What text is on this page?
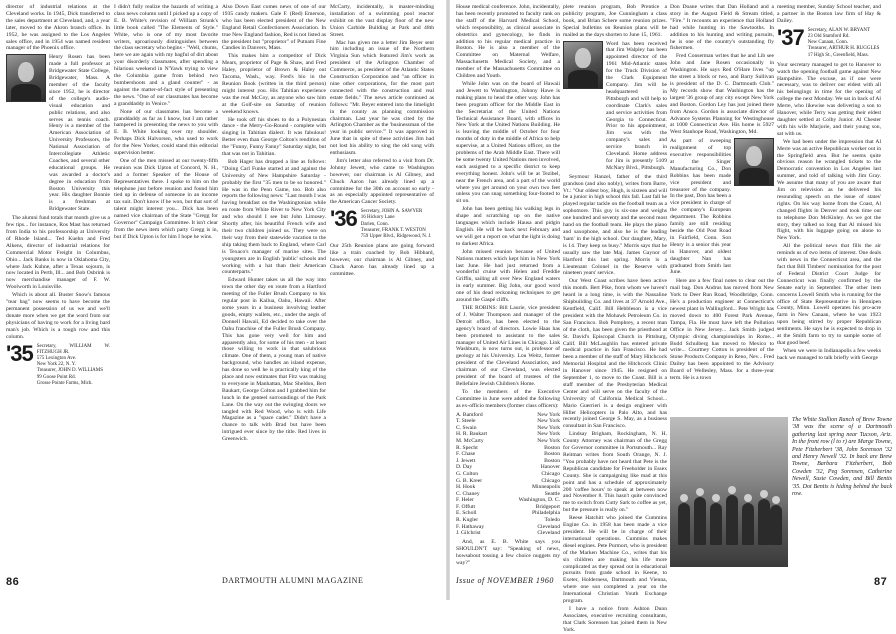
director of industrial relations at the Cleveland works. In 1945, Dick transferred to the sales department at Cleveland, and, a year later, moved to the Akron branch office. In 1952, he was assigned to the Los Angeles sales office, and in 1954 was named resident manager of the Phoenix office.

Henry Rosen has been made a full professor at Bridgewater State College, Bridgewater, Mass. A member of the faculty since 1952, he is director of the college's audio-visual education and public relations, and also serves as tennis coach. Henry is a member of the American Association of University Professors, the National Association of Intercollegiate Athletic Coaches, and several other educational groups. He was awarded a doctor's degree in education from Boston University this year. His daughter Bonnie is a freshman at Bridgewater State.

The alumni fund totals that month give us a few tips... for instance, Ros Mast has returned from India to his professorship at University of Rhode Island... Ted Kuehn and Fred Alkens, director of industrial relations for Commercial Motor Freight in Columbus, Ohio... Jack Banks is now in Oklahoma City, where Jack Kuhne, after a Texas sojourn, is now located in Perth, Ill... and Bob Osbrink is now merchandise manager of F. W. Woolworth in Louisville.

Which is about all. Buster Snow's famous "tear bag" now seems to have become the permanent possession of us we and we'll donate more when we get the word from our physicians of having to work for a living hard man's job. Which is a tough row and this column.

'35 Secretary, WILLIAM W. FITZHUGH JR.
575 Lexington Ave.
New York 22, N. Y.
Treasurer, JOHN D. WILLIAMS
99 Goose Point Rd.
Grosse Pointe Farms, Mich.

I didn't fully realize the hazards of writing a class news column until I picked up a copy of E. B. White's revision of William Strunk's little book called "The Elements of Style." White, who is one of my most favorite writers, uproariously distinguishes between the class secretary who begins - "Well, chums, here we are again with my bagful of dirt about your disorderly classmates, after spending a hilarious weekend in N'Yawk trying to view the Columbia game from behind two bumbershoots and a gland counter" - as against the matter-of-fact style of presenting the news. "One of our classmates has become a granddaddy in Venice."

None of our classmates has become a granddaddy as far as I know, but I am rather hampered in presenting the news to you with E. B. White looking over my shoulder. Perhaps Dick Halvorsen, who used to work for the New Yorker, could stand this editorial supervision better.

One of the men missed at our twenty-fifth reunion was Dick Upton of Concord, N. H., and a former Speaker of the House of Representatives there. I spoke to him on the telephone just before reunion and found him tied up in defense of someone in an income tax suit. Don't know if he won, but that sort of talent might interest you... Dick has been named vice chairman of the State "Gregg for Governor" Campaign Committee. It isn't clear from the news item which party Gregg is in, but if Dick Upton is for him I hope he wins.

Also Down East comes news of one of our 1935 candy makers. Gale F. (Red) Emerson, who has been elected president of the New England Retail Confectioners Association. In true New England fashion, Red is not listed as the president but "proprietor" of Putnam Fine Candies in Danvers, Mass.

This makes him a competitor of Dick Mears, proprietor of Page & Shaw, and Fred Haley, proprietor of Brown & Haley out Tacoma, Wash., way. Fred's bio in the Reunion Book (written in the third person) might interest you. His Tahitian experience was the real McCoy, as anyone who saw him at the Golf-site on Saturday of reunion weekend knows.

He took off his shoes to do a Polynesian dance - the Merry-Go-Round - complete with singing in Tahitian dialect. It was fabulous! Better even than George Colton's rendition of the "Funny, Funny Fanny" Saturday night, but that was not in Tahitian.

Bob Hager has dropped a line as follows: "Doing Carl Funke started at and against the University of New Hampshire Saturday - probably the first "35 men to be so honored." He was in the Penn Game, too. Bob also reports the following news: "Last month I was having breakfast on the Washingtonian while en route from White River to New York City and who should I see but John Limosey. Shortly after, his beautiful French wife and their two children joined us. They were on their way from their statewide vacation to the ship taking them back to England, where Carl is Texaco's manager of marine sites. The youngsters are in English 'public' schools and working with a hat than their American counterparts."

Edward Hunter takes us all the way into town the other day en route from a Hartford meeting of the Fuller Brush Company to his regular post in Kailua, Oahu, Hawaii. After some years in a business involving leather goods, empty wallets, etc., under the aegis of Donnell Hawaii, Ed decided to take over the Oahu franchise of the Fuller Brush Company. This has gone very well for him and apparently also, for some of his men - at least those willing to work in that salubrious climate. One of them, a young man of native background, who handles an island expense, has done so well he is practically king of the place and now estimates that Fitz was making to everyone in Manhattan, Mac Sheldon, Bert Baukart, George Colton and I grabbed him for lunch in the genteel surroundings of the Park Lane. On the way out the swinging doors we tangled with Red Wood, who is with Life Magazine as a "space cadet." Didn't have a chance to talk with Brad but have been intrigued ever since by the title. Red lives in Greenwich.

McCarty, incidentally, is master-minding installation of a swimming pool reactor exhibit on the vast display floor of the new Union Carbide Building at Park and 48th Street.

Mac has given me a letter Jim Beyer sent him including an issue of the Northern Virginia Sun which featured Jim's work as president of the Arlington Chamber of Commerce, as president of the Atlantic States Construction Corporation and "an officer in nine other corporations, for the most part connected with the construction and real estate fields." The news article continued as follows: "Mr. Beyer entered into the limelight in the county as planning commission chairman. Last year he was cited by the Arlington Chamber as the 'businessman of the year in public service.'" It was approved in June that in spite of these activities Jim had not lost his ability to sing the old song with enthusiasm.

Jim's letter also referred to a visit from Dr. Johnny Jewett, who came to Washington however, our chairman is Al Gibney, and Chuck Aaron has already lined up a committee for the 30th on account so early - as an especially appointed representative of the American Cancer Society.

'36 Secretary, JOHN A. SAWYER
16 Hickory Lane
Darien, Conn.
Treasurer, FRANK T. WESTON
759 Upper Blvd., Ridgewood, N. J.

Our 25th Reunion plans are going forward like a train coached by Bob Hibbard, however, our chairman is Al Gibney, and Chuck Aaron has already lined up a committee.

86	DARTMOUTH ALUMNI MAGAZINE

House medical conference. John, incidentally, has been recently promoted to faculty rank on the staff of the Harvard Medical School, which responsibility, as clinical associate in obstetrics and gynecology, he finds in addition to his regular medical practice in Boston. He is also a member of the Committee on Maternal Welfare, Massachusetts Medical Society, and a member of the Massachusetts Committee on Children and Youth.

While John was on the board of Hawaii and Jewett to Washington, Johnny Hawe is making plans to head the other way. John has been program officer for the Middle East in the Secretariat of the United Nations Technical Assistance Board, with offices in New York at the United Nations Building. He is leaving the middle of October for four months of duty in the middle of Africa to help supervise, at a United Nations officer, on the problems of the Arab Middle East. There will be some twenty United Nations men involved, each assigned to a specific district to keep everything honest. John's will be at Tezibel, near the French area, and a part of the world where you get around on your own two feet unless you can snag something four-footed to sit on.

John has been getting his walking legs in shape and scratching up on the native languages which include Hausa and pidgin English. He will be back next February and we will get a report on what the light is doing to darkest Africa.

John missed reunion because of United Nations matters which kept him in New York last June. He had just returned from a wonderful cruise with Helen and Freddie Griffin, sailing all over New England waters in early summer. Big John, our good word one of his dead reckoning techniques to get around the Gaspé cliffs.

THE ROBINS: Bill Laurie, vice president of J. Walter Thompson and manager of the Detroit office, has been elected to the agency's board of directors. Lowie Haas has been promoted to assistant to the sales manager of United Air Lines in Chicago. Link Washburn, is now turns out, is professor of geology at his University. Lou Weitz, former president of the Cleveland Association, and chairman of our Cleveland, was elected president of the board of trustees of the Bellefaire Jewish Children's Home.

To the members of the Executive Committee in June were added the following as ex-officio members (former class officers):

A. Bamford	New York
T. Steele	New York
C. Swain	New York
H. R. Baukart	New York
M. McCarty	New York
R. Specht	Boston
F. Chase	Boston
J. Jewett	Boston
D. Day	Hanover
G. Colton	Chicago
G. B. Kreer	Chicago
H. Hook	Minneapolis
C. Chaney	Seattle
F. Heler	Washington, D. C.
F. Offutt	Bridgeport
E. Scholl	Philadelphia
R. Kugler	Toledo
F. Hathaway	Cleveland
J. Gilchrist	Cleveland

And, as E. B. White says you SHOULDN'T say: "Speaking of news, howsabout tossing a few choice nuggets my way?"

plete reunion program, Bob Prentice a publicity program, Joe Cunningham a class book, and Brian Schere some reunion prizes. Special bulletins on Reunion plans will be mailed as the days shorten to June 15, 1961.

Word has been received that Jim Walpley has been appointed director of the 1961 Mid-Atlantic states for the Truck Division of the Clark Equipment Company. Jim will be headquartered in Pittsburgh and will help to coordinate Clark's sales and service activities from Georgia to Connecticut. Prior to his appointment, Jim was with the company's sales and service branch in Cleveland. Home address for Jim is presently 5109 McNary Blvd., Pittsburgh.

Seymour Hanzel, father of the third grandson (and also nobly), writes from Barre, Vt.: "Our oldest boy, Hugh, is sixteen and will be a junior in high school this fall. Last fall he played regular tackle on the football team as a sophomore. This guy is six-one and weighs one hundred and seventy and the second most hand on the football team. He plays the piano and saxophone, and also he is the leading 'ham' in the high school. Our daughter, Mary, is 14. They keep us busy." Morris says that he usually saw the late Maj. James Gaynor of Hartford this last spring. Morris is a Lieutenant Colonel in the Reserve with nineteen years' service.

Our West Coast scribes have been active this month. Bert Pike, from whom we haven't heard in a long time, is with the Nassaline Shipbuilding Co. and lives at 37 Arnold Ave., Kentfield, Calif. Bill Hebbleson is a vice president with the Mohawk Petroleum Co. in San Francisco. Bob Pomphrey, a recent man of the cloth, has been given the priesthood at St. David's Episcopal Church in Pittsburg, Calif. Bill McLaughlin has entered private medical practice in San Francisco. He had been a member of the staff of Mary Hitchcock Memorial Hospital and the Hitchcock Clinic in Hanover since 1945. He resigned on September 1, to move to the Coast. Bill is a staff member of the Presbyterian Medical Center and will serve on the faculty of the University of California Medical School... Mario Guerrieri is a design engineer with Hiller Helicopters in Palo Alto, and has recently joined George S. May, as a business consultant in San Francisco.

Lindsay Brigham, Rockingham, N. H. County Attorney was chairman of the Gregg for Governor committee in Portsmouth... Ray Reitman writes from South Orange, N. J. "You probably have not heard that Pete is the Republican candidate for Freeholder in Essex County. She is campaigning like mad at this point and has a schedule of approximately 200 'coffee hours' to speak at between now and November 8. This hasn't quite convinced me to switch from Cutty Sark to coffee as yet, but the pressure is really on."

Reese Hatchitt who joined the Cummins Engine Co. in 1958 has been made a vice president. He will be in charge of their international operations. Cummins makes diesel engines. Pete Purmort, who is president of the Marken Machine Co., writes that his six children are making his life more complicated as they spread out in educational pursuits from grade school in Keene, to Exeter, Holderness, Dartmouth and Vienna, where one son completed a year on the International Christian Youth Exchange program.

I have a notice from Ashton Dunn Associates, executive recruiting consultants, that Clark Sorensen has joined them in New York.

Don Doane writes that Dan Holland and a story in the August Field & Stream titled, "Fire." It recounts an experience that Holland had while hunting in the Sawtooths. In addition to his hunting and writing pursuits, he is one of the country's outstanding fly fishermen.

Fred Conserman writes that he and Lib see John and Jane Rosen occasionally in Washington. He says Red O'Hare lives "up the street a block or two, and Barry Sullivan is president of the D. C. Dartmouth Club." My records show that Washington has the largest '36 group of any city except New York and Boston. Gordon Ley has just joined there from Ansco. Gordon is associate director of Advance Systems Planning for Westinghouse at 1000 Connecticut Ave. His home is 5927 West Stanhope Road, Washington, Md.

As part of sweeping realignment of top executive responsibilities at the Singer Manufacturing Co., Don Robbins has been made vice president and treasurer of the company. In the past, Don has been a vice president in charge of the company's European department. The Robbins family are still residing beside the Old Post Road in Fairfield, Conn. Son Henry is a senior this year in Hanover, and oldest daughter Nan has graduated from Smith last June.

Here are a few final notes to clear out the mail bag. Don Andrus has moved from New York to Deer Run Road, Woodbridge, Conn. He's a production engineer at Connecticut's newest plant in Wallingford... Pete Wright has moved down to 400 Forest Park Avenue, Tampa, Fla. He must have left the Pollution Office in New Jersey... Jack Smith judged Olympic diving championships in Rome... Budd Schulberg has moved to Mexico to write... Courtney Cotton is president of the Stone Products Company in Reno, Nev... Fred Dailey has been appointed to the Advisory Board of Wellesley, Mass. for a three-year term. He is a town

meeting member, Sunday School teacher, and a partner in the Boston law firm of Hay & Dailey.

'37 Secretary, ALAN W. BRYANT
23 Old Stamford Rd.
New Canaan, Conn.
Treasurer, ARTHUR H. RUGGLES
17 High St., Greenfield, Mass.

Your secretary managed to get to Hanover to watch the opening football game against New Hampshire. The excuse, as if one were necessary, was to deliver our eldest with all his belongings in time for the opening of college the next Monday. We sat in back of Al Merre, who likewise was delivering a son to Hanover, while Terry was getting their eldest daughter settled at Colby Junior. Al Chester with his wife Marjorie, and their young son, sat with us.

We had been under the impression that Al Merre was an active Republican worker out in the Springfield area. But he seems quite obvious reason he wrangled tickets to the Democratic convention in Los Angeles last summer, and told of talking with Jim Gray. We assume that many of you are aware that Jim on television as he delivered his resounding speech on the issue of states' rights. On his way home from the Coast, Al changed flights in Denver and took time out to telephone Don McKinley. As we got the story, they talked so long that Al missed his flight, with his luggage going on alone to New York.

All the political news that fills the air reminds us of two items of interest. One deals with news in the Connecticut area, and the fact that Bill Timbers' nomination for the post of Federal District Court Judge for Connecticut was finally confirmed by the Senate early in September. The other item concerns Lowell Smith who is running for the office of State Representative in Hennipen County, Minn. Lowell operates his pro-acre farm in New Canaan, where he was 1923 upon being stirred by proper Republican sentiments. He says he is expected to drop in at the Smith farm to try to sample some of that good beef.

When we were in Indianapolis a few weeks back we managed to talk briefly with George

The White Stallion Ranch of Brew Towne '38 was the scene of a Dartmouth gathering last spring near Tucson, Ariz. In the front row (l to r) are Marge Towne, Pete Fitzherbert '38, John Sorenson '32 and Henry Newell '32. In back are Brew Towne, Barbara Fitzherbert, Bob Cowden '32, Peg Sorensen, Catherine Newell, Susie Cowden, and Bill Bentis '35. Dot Bentis is hiding behind the back row.
Issue of NOVEMBER 1960	87
